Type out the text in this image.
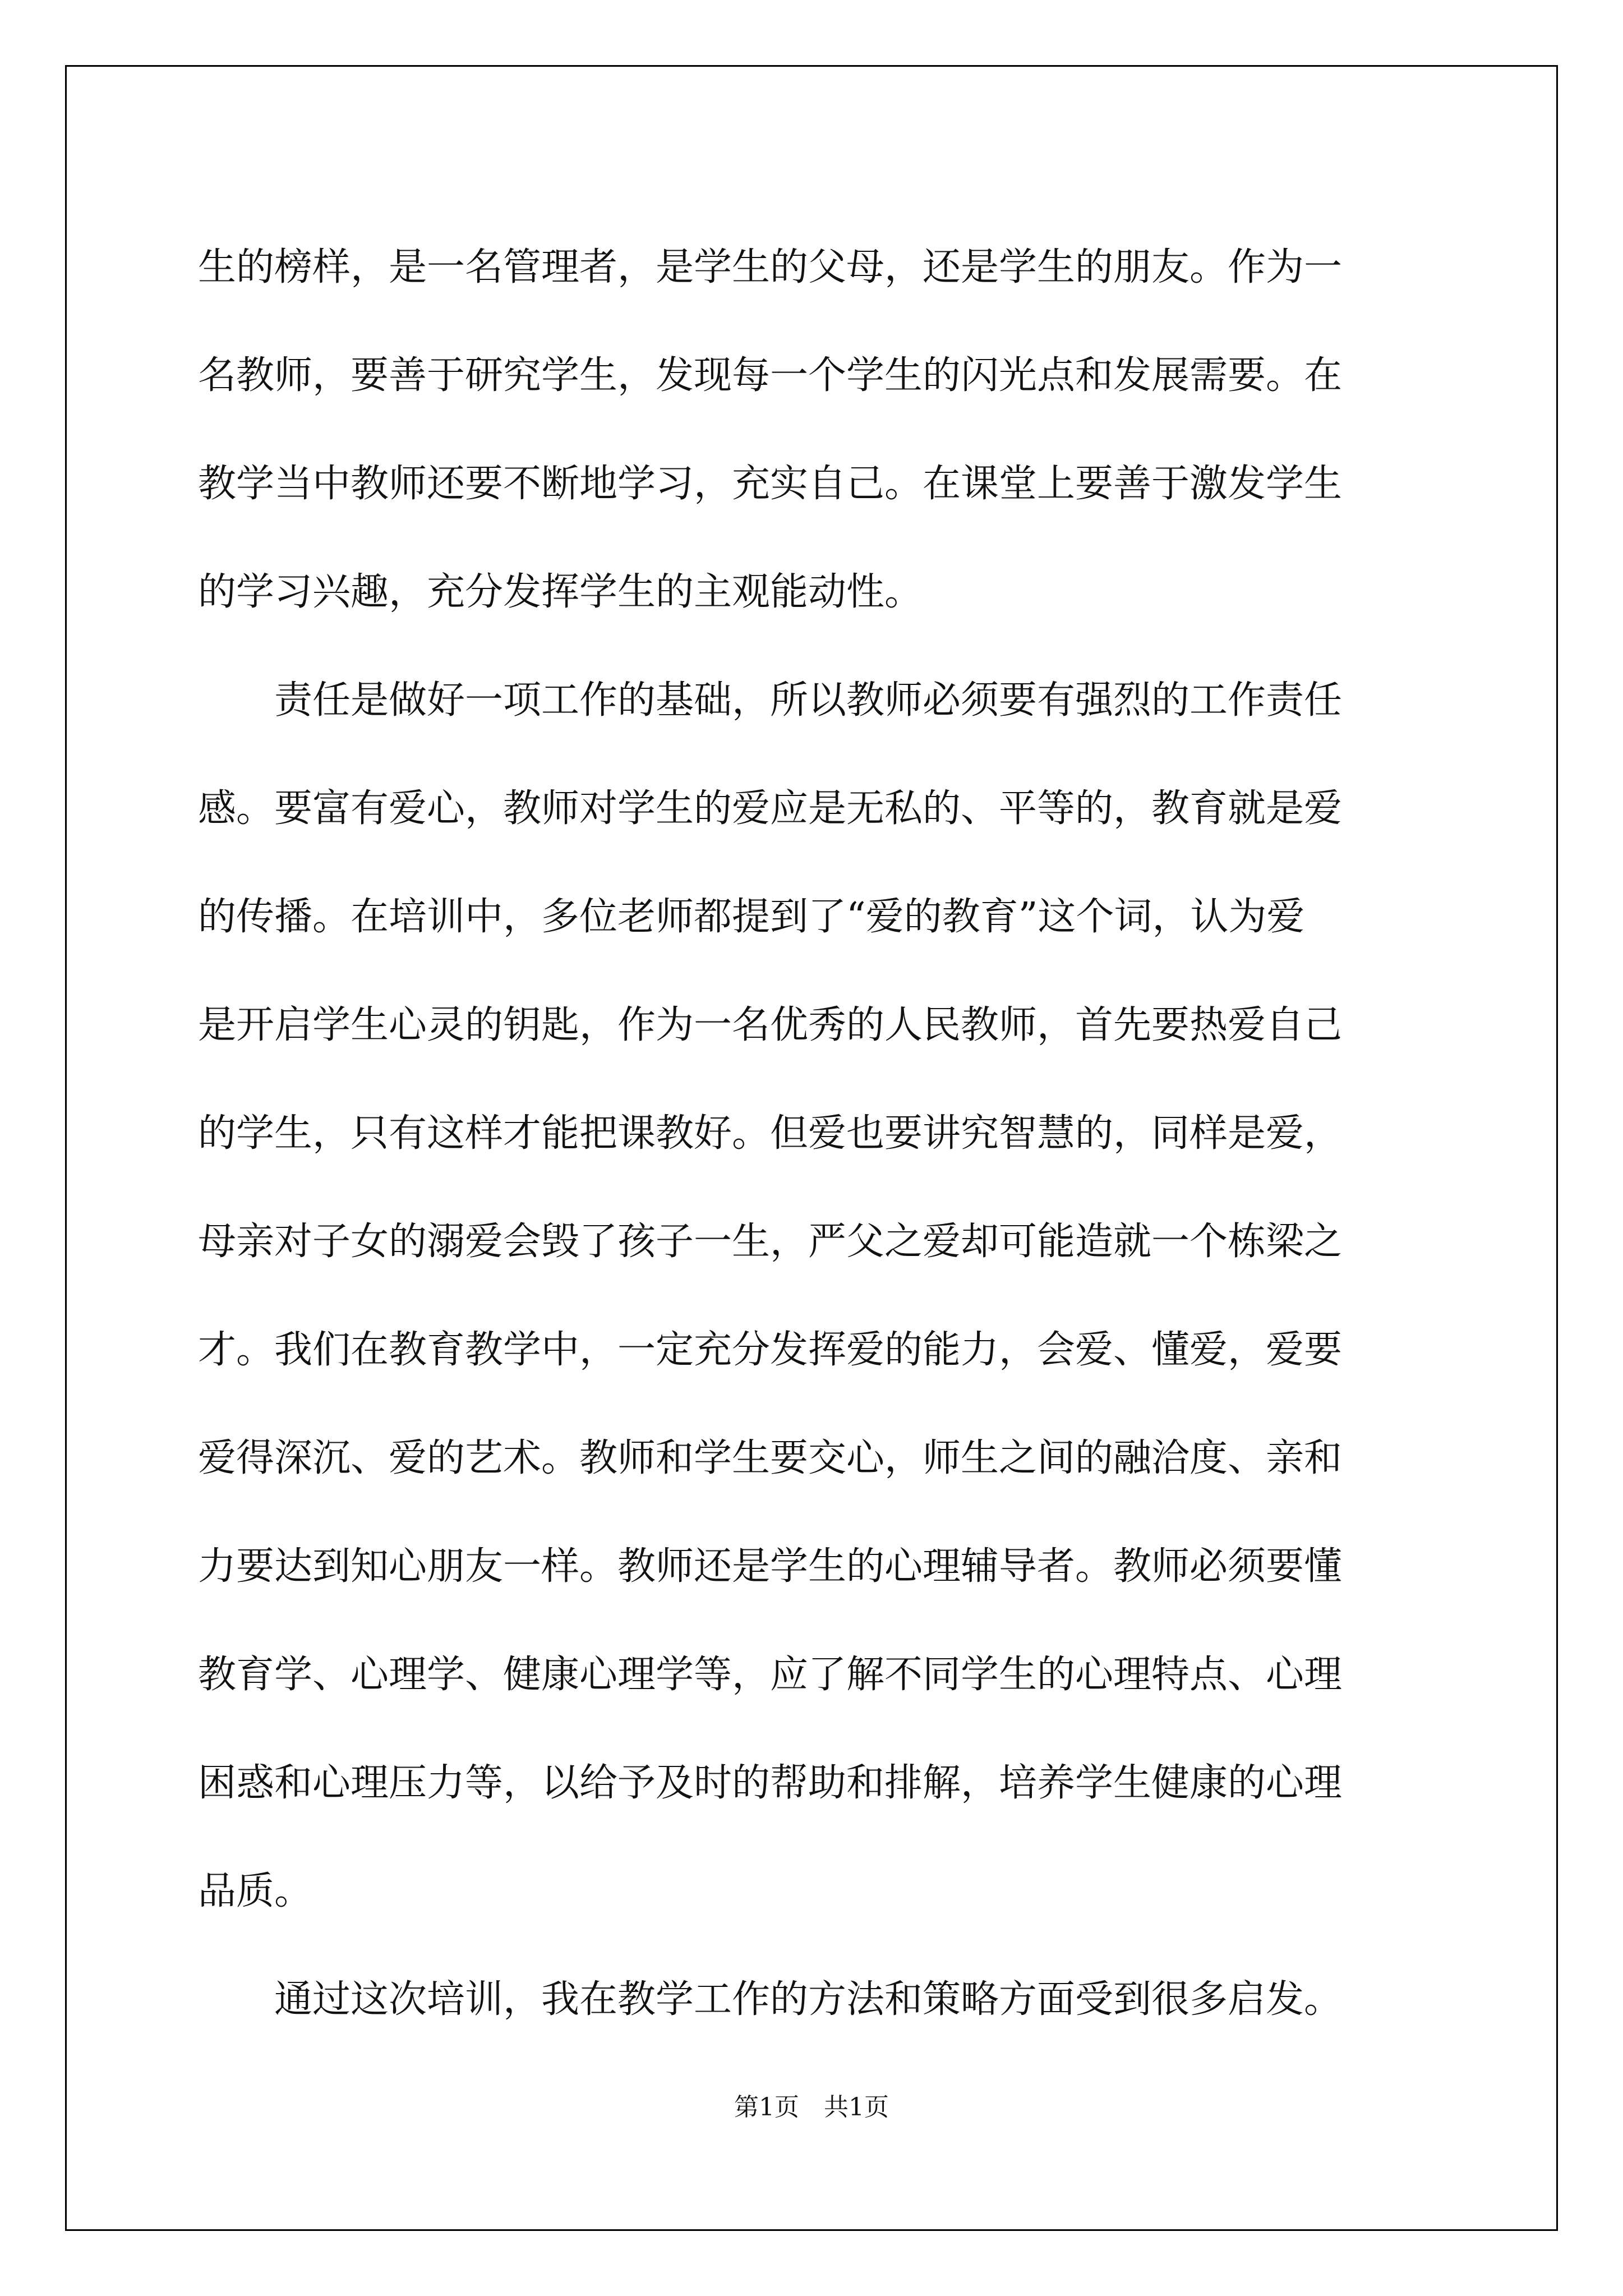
生的榜样，是一名管理者，是学生的父母，还是学生的朋友。作为一
名教师，要善于研究学生，发现每一个学生的闪光点和发展需要。在
教学当中教师还要不断地学习，充实自己。在课堂上要善于激发学生
的学习兴趣，充分发挥学生的主观能动性。
　　责任是做好一项工作的基础，所以教师必须要有强烈的工作责任
感。要富有爱心，教师对学生的爱应是无私的、平等的，教育就是爱
的传播。在培训中，多位老师都提到了“爱的教育”这个词，认为爱
是开启学生心灵的钥匙，作为一名优秀的人民教师，首先要热爱自己
的学生，只有这样才能把课教好。但爱也要讲究智慧的，同样是爱，
母亲对子女的溺爱会毁了孩子一生，严父之爱却可能造就一个栋梁之
才。我们在教育教学中，一定充分发挥爱的能力，会爱、懂爱，爱要
爱得深沉、爱的艺术。教师和学生要交心，师生之间的融洽度、亲和
力要达到知心朋友一样。教师还是学生的心理辅导者。教师必须要懂
教育学、心理学、健康心理学等，应了解不同学生的心理特点、心理
困惑和心理压力等，以给予及时的帮助和排解，培养学生健康的心理
品质。
　　通过这次培训，我在教学工作的方法和策略方面受到很多启发。
第1页　共1页
